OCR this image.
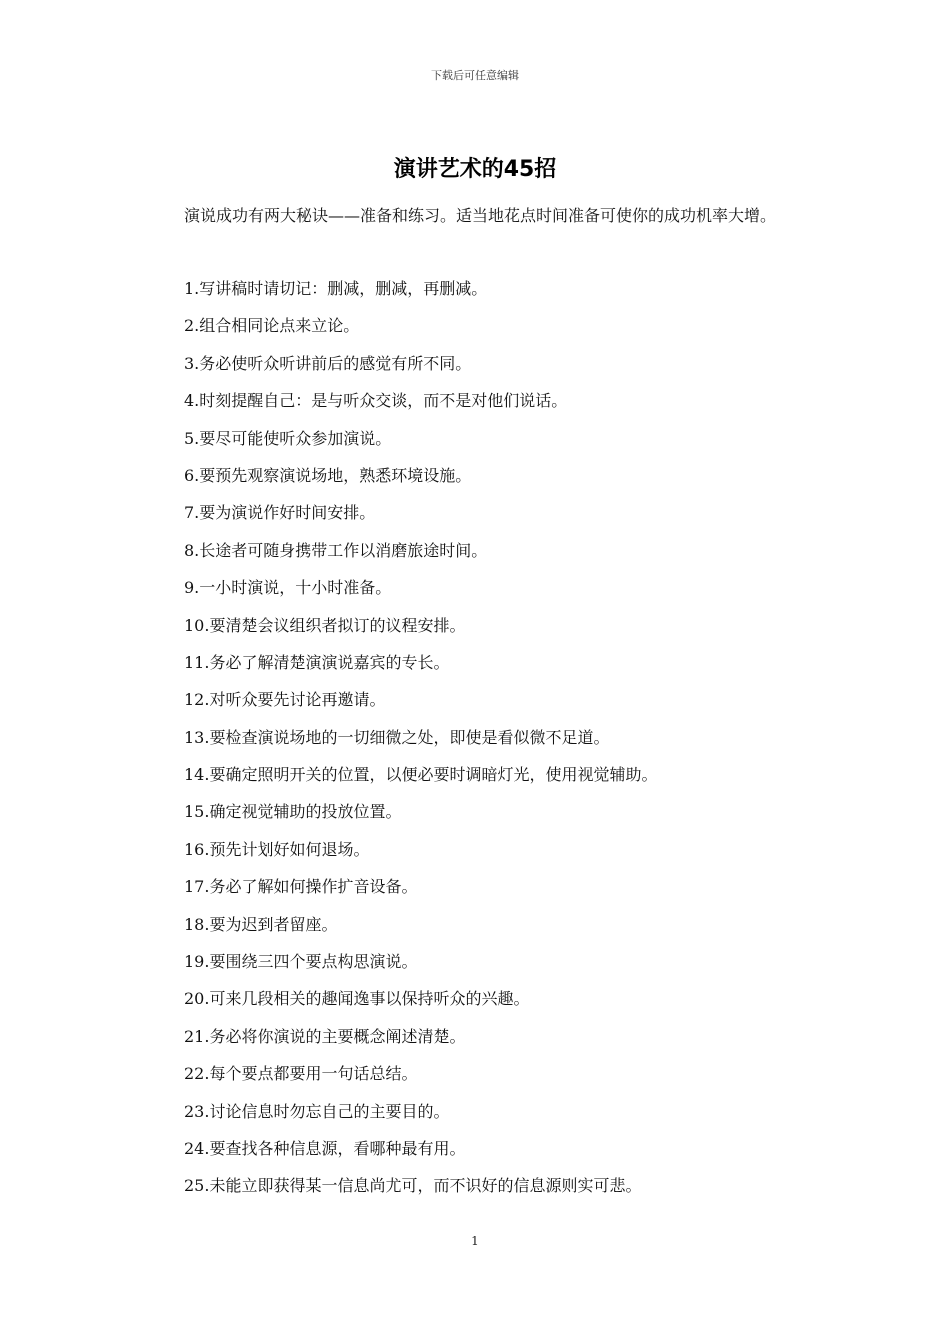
下载后可任意编辑
演讲艺术的45招

演说成功有两大秘诀——准备和练习。适当地花点时间准备可使你的成功机率大增。

1.写讲稿时请切记：删减，删减，再删减。
2.组合相同论点来立论。
3.务必使听众听讲前后的感觉有所不同。
4.时刻提醒自己：是与听众交谈，而不是对他们说话。
5.要尽可能使听众参加演说。
6.要预先观察演说场地，熟悉环境设施。
7.要为演说作好时间安排。
8.长途者可随身携带工作以消磨旅途时间。
9.一小时演说，十小时准备。
10.要清楚会议组织者拟订的议程安排。
11.务必了解清楚演演说嘉宾的专长。
12.对听众要先讨论再邀请。
13.要检查演说场地的一切细微之处，即使是看似微不足道。
14.要确定照明开关的位置，以便必要时调暗灯光，使用视觉辅助。
15.确定视觉辅助的投放位置。
16.预先计划好如何退场。
17.务必了解如何操作扩音设备。
18.要为迟到者留座。
19.要围绕三四个要点构思演说。
20.可来几段相关的趣闻逸事以保持听众的兴趣。
21.务必将你演说的主要概念阐述清楚。
22.每个要点都要用一句话总结。
23.讨论信息时勿忘自己的主要目的。
24.要查找各种信息源，看哪种最有用。
25.未能立即获得某一信息尚尤可，而不识好的信息源则实可悲。
1
